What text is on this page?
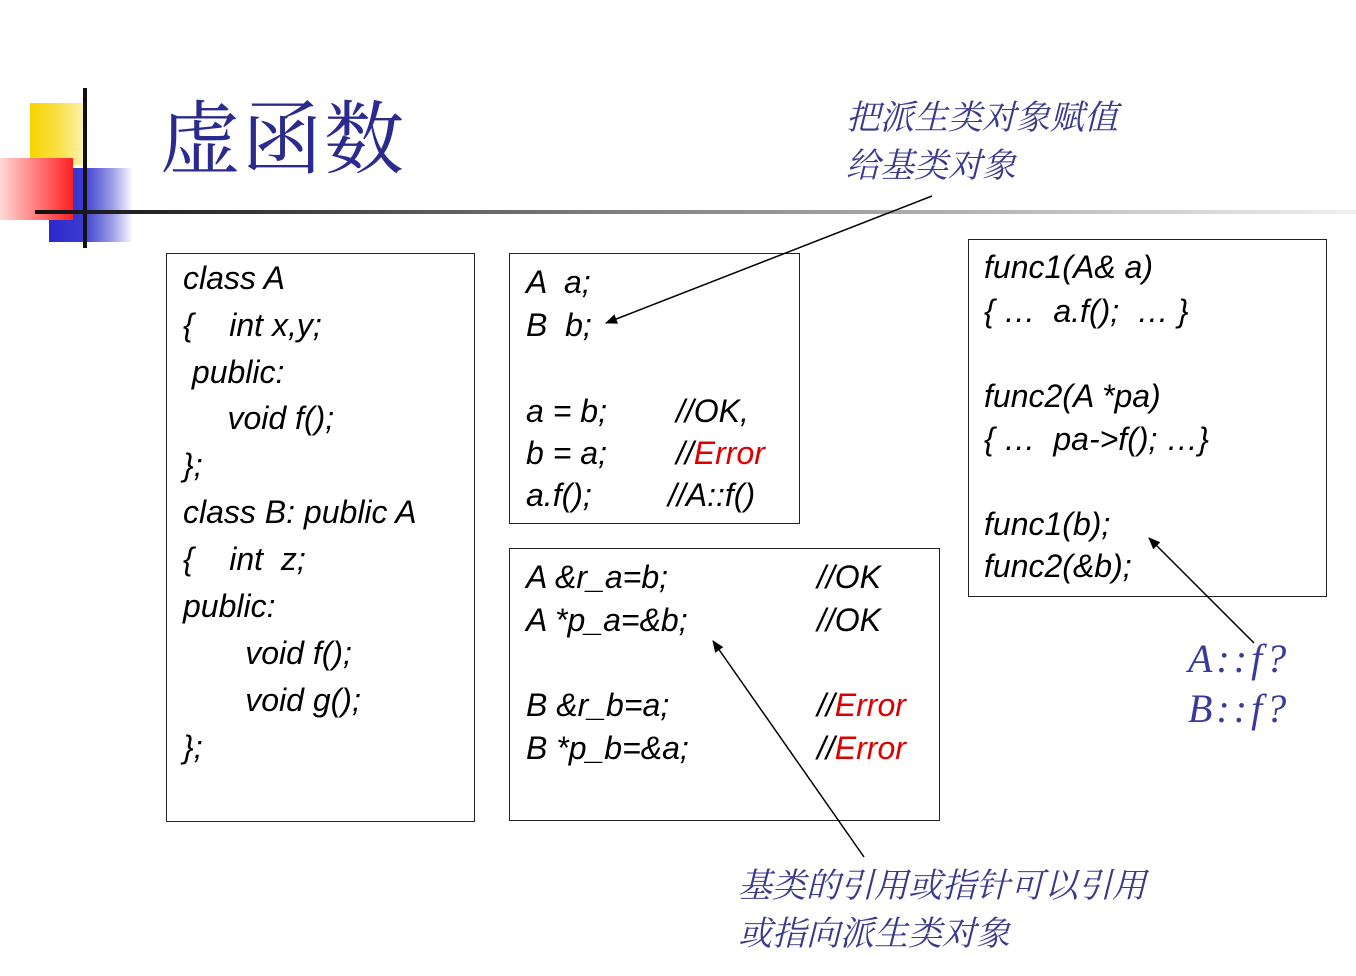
虚函数
class A
{    int x,y;
public:
void f();
};
class B: public A
{    int  z;
public:
void f();
void g();
};
A  a;
B  b;
a = b; //OK,
b = a; //Error
a.f(); //A::f()
A &r_a=b;	//OK
A *p_a=&b;	//OK
B &r_b=a;	//Error
B *p_b=&a;	//Error
func1(A& a)
{ …  a.f();  … }
func2(A *pa)
{ …  pa->f(); …}
func1(b);
func2(&b);
把派生类对象赋值
给基类对象
基类的引用或指针可以引用
或指向派生类对象
A::f?
B::f?
